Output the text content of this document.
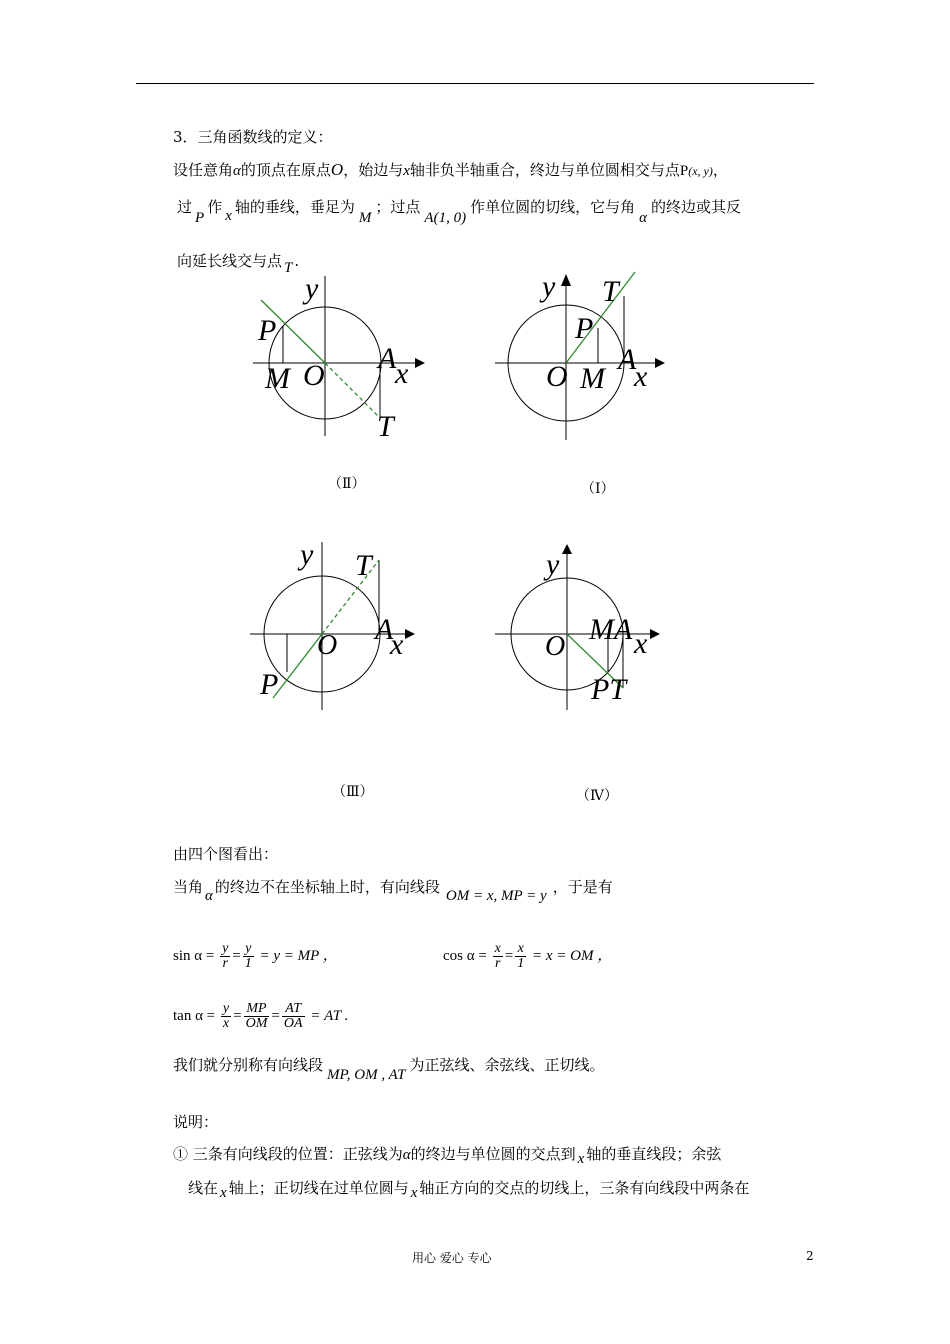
3．三角函数线的定义：
设任意角α的顶点在原点O，始边与x轴非负半轴重合，终边与单位圆相交与点P(x, y)，
过P作 x 轴的垂线，垂足为M；过点A(1, 0)作单位圆的切线，它与角α的终边或其反
向延长线交与点 T .
y
P
M O
A
x
T
y T
P
O M
A
x
（Ⅱ）	（Ⅰ）
y T
A
x
O
P
y
MA x
O
PT
（Ⅲ）	（Ⅳ）
由四个图看出：
当角 α 的终边不在坐标轴上时，有向线段 OM = x, MP = y ，于是有
$\sin \alpha = \frac{y}{r} = \frac{y}{1} = y$ = MP ，	$\cos \alpha = \frac{x}{r} = \frac{x}{1} = x$ = OM ，
$\tan \alpha = \frac{y}{x} = \frac{MP}{OM} = \frac{AT}{OA}$ = AT .
我们就分别称有向线段MP, OM , AT为正弦线、余弦线、正切线。
说明：
① 三条有向线段的位置：正弦线为α的终边与单位圆的交点到 x 轴的垂直线段；余弦
线在 x 轴上；正切线在过单位圆与 x 轴正方向的交点的切线上，三条有向线段中两条在
用心 爱心 专心	2
